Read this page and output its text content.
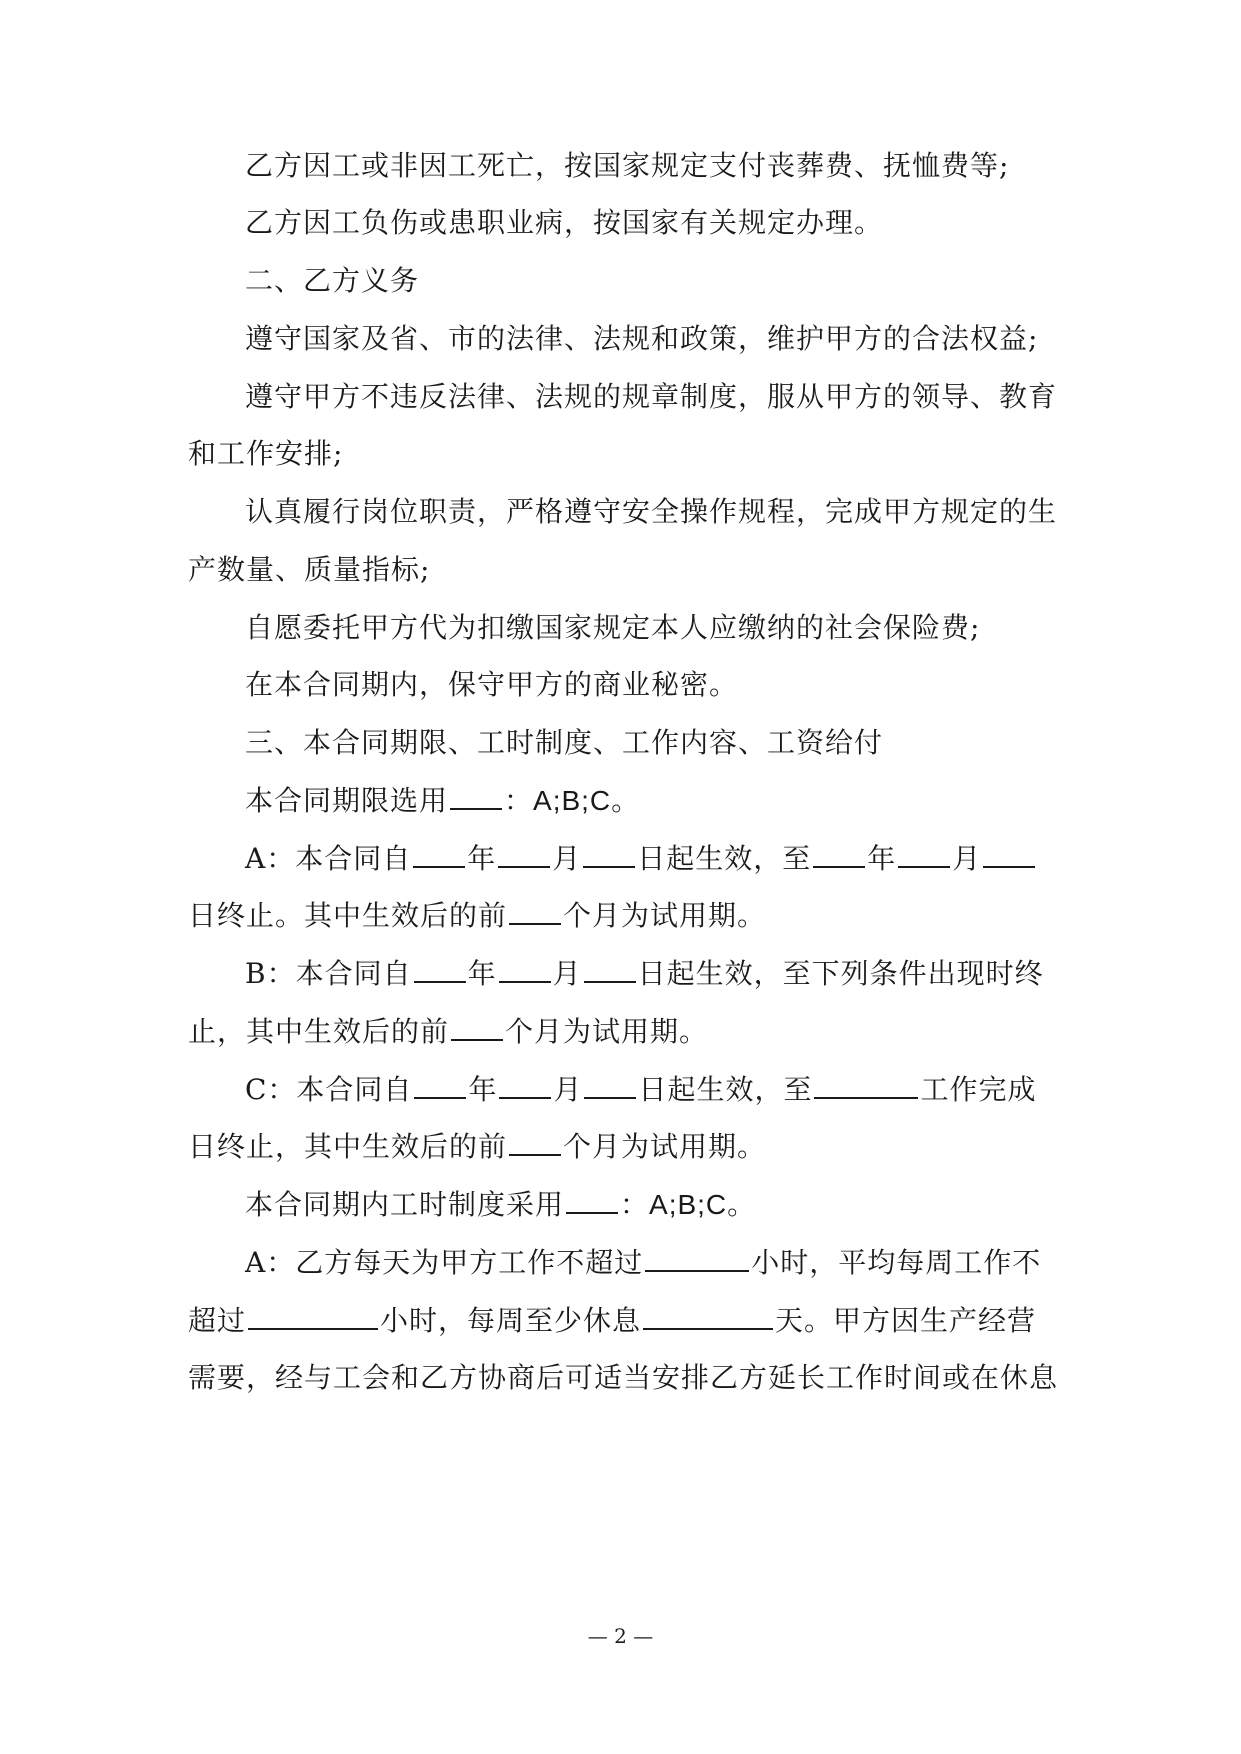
乙方因工或非因工死亡，按国家规定支付丧葬费、抚恤费等;
乙方因工负伤或患职业病，按国家有关规定办理。
二、乙方义务
遵守国家及省、市的法律、法规和政策，维护甲方的合法权益;
遵守甲方不违反法律、法规的规章制度，服从甲方的领导、教育
和工作安排;
认真履行岗位职责，严格遵守安全操作规程，完成甲方规定的生
产数量、质量指标;
自愿委托甲方代为扣缴国家规定本人应缴纳的社会保险费;
在本合同期内，保守甲方的商业秘密。
三、本合同期限、工时制度、工作内容、工资给付
本合同期限选用 ：A;B;C。
A：本合同自 年 月 日起生效，至 年 月
日终止。其中生效后的前 个月为试用期。
B：本合同自 年 月 日起生效，至下列条件出现时终
止，其中生效后的前 个月为试用期。
C：本合同自 年 月 日起生效，至	工作完成
日终止，其中生效后的前 个月为试用期。
本合同期内工时制度采用 ：A;B;C。
A：乙方每天为甲方工作不超过	小时，平均每周工作不
超过	小时，每周至少休息	天。甲方因生产经营
需要，经与工会和乙方协商后可适当安排乙方延长工作时间或在休息
— 2 —
